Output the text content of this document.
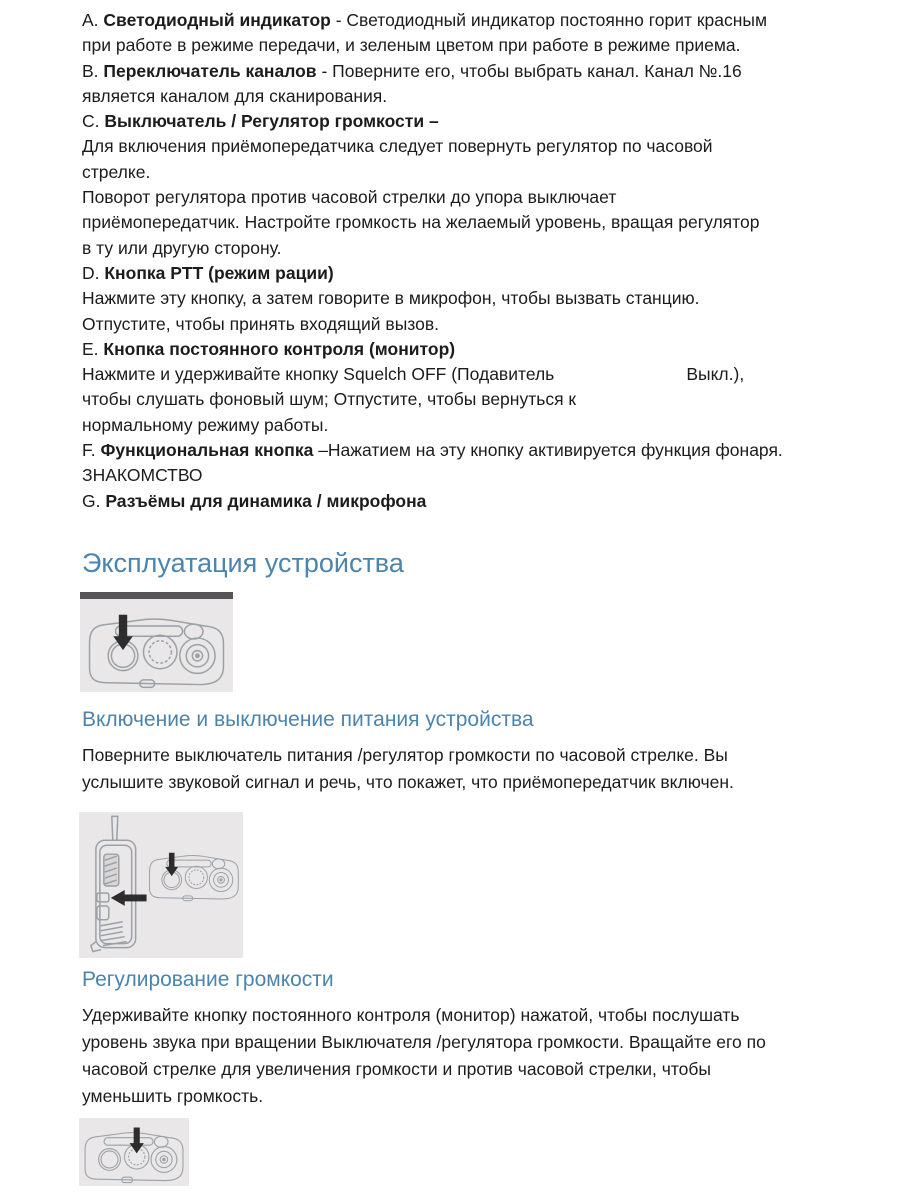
A. Светодиодный индикатор - Светодиодный индикатор постоянно горит красным
при работе в режиме передачи, и зеленым цветом при работе в режиме приема.
B. Переключатель каналов - Поверните его, чтобы выбрать канал. Канал №.16
является каналом для сканирования.
C. Выключатель / Регулятор громкости –
Для включения приёмопередатчика следует повернуть регулятор по часовой
стрелке.
Поворот регулятора против часовой стрелки до упора выключает
приёмопередатчик. Настройте громкость на желаемый уровень, вращая регулятор
в ту или другую сторону.
D. Кнопка PTT (режим рации)
Нажмите эту кнопку, а затем говорите в микрофон, чтобы вызвать станцию.
Отпустите, чтобы принять входящий вызов.
E. Кнопка постоянного контроля (монитор)
Нажмите и удерживайте кнопку Squelch OFF (Подавитель	Выкл.),
чтобы слушать фоновый шум; Отпустите, чтобы вернуться к
нормальному режиму работы.
F. Функциональная кнопка –Нажатием на эту кнопку активируется функция фонаря.
ЗНАКОМСТВО
G. Разъёмы для динамика / микрофона
Эксплуатация устройства
Включение и выключение питания устройства
Поверните выключатель питания /регулятор громкости по часовой стрелке. Вы
услышите звуковой сигнал и речь, что покажет, что приёмопередатчик включен.
Регулирование громкости
Удерживайте кнопку постоянного контроля (монитор) нажатой, чтобы послушать
уровень звука при вращении Выключателя /регулятора громкости. Вращайте его по
часовой стрелке для увеличения громкости и против часовой стрелки, чтобы
уменьшить громкость.
